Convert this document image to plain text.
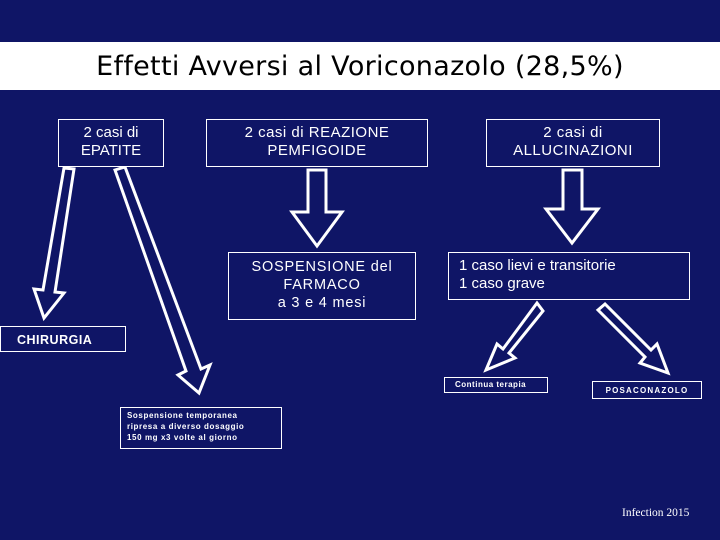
Effetti Avversi al Voriconazolo (28,5%)
2 casi di
EPATITE
2 casi di REAZIONE
PEMFIGOIDE
2 casi di
ALLUCINAZIONI
SOSPENSIONE del
FARMACO
a 3 e 4 mesi
1 caso lievi e transitorie
1 caso grave
CHIRURGIA
Continua terapia
POSACONAZOLO
Sospensione temporanea
ripresa a diverso dosaggio
150 mg x3 volte al giorno
Infection 2015
